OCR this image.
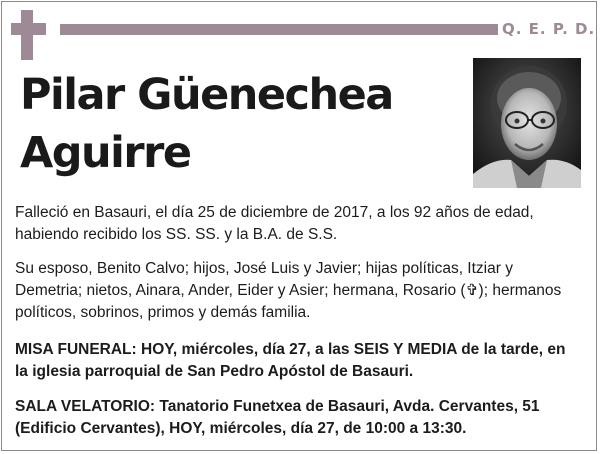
Q. E. P. D.
Pilar Güenechea
Aguirre
Falleció en Basauri, el día 25 de diciembre de 2017, a los 92 años de edad,
habiendo recibido los SS. SS. y la B.A. de S.S.
Su esposo, Benito Calvo; hijos, José Luis y Javier; hijas políticas, Itziar y
Demetria; nietos, Ainara, Ander, Eider y Asier; hermana, Rosario (✞); hermanos
políticos, sobrinos, primos y demás familia.
MISA FUNERAL: HOY, miércoles, día 27, a las SEIS Y MEDIA de la tarde, en
la iglesia parroquial de San Pedro Apóstol de Basauri.
SALA VELATORIO: Tanatorio Funetxea de Basauri, Avda. Cervantes, 51
(Edificio Cervantes), HOY, miércoles, día 27, de 10:00 a 13:30.
